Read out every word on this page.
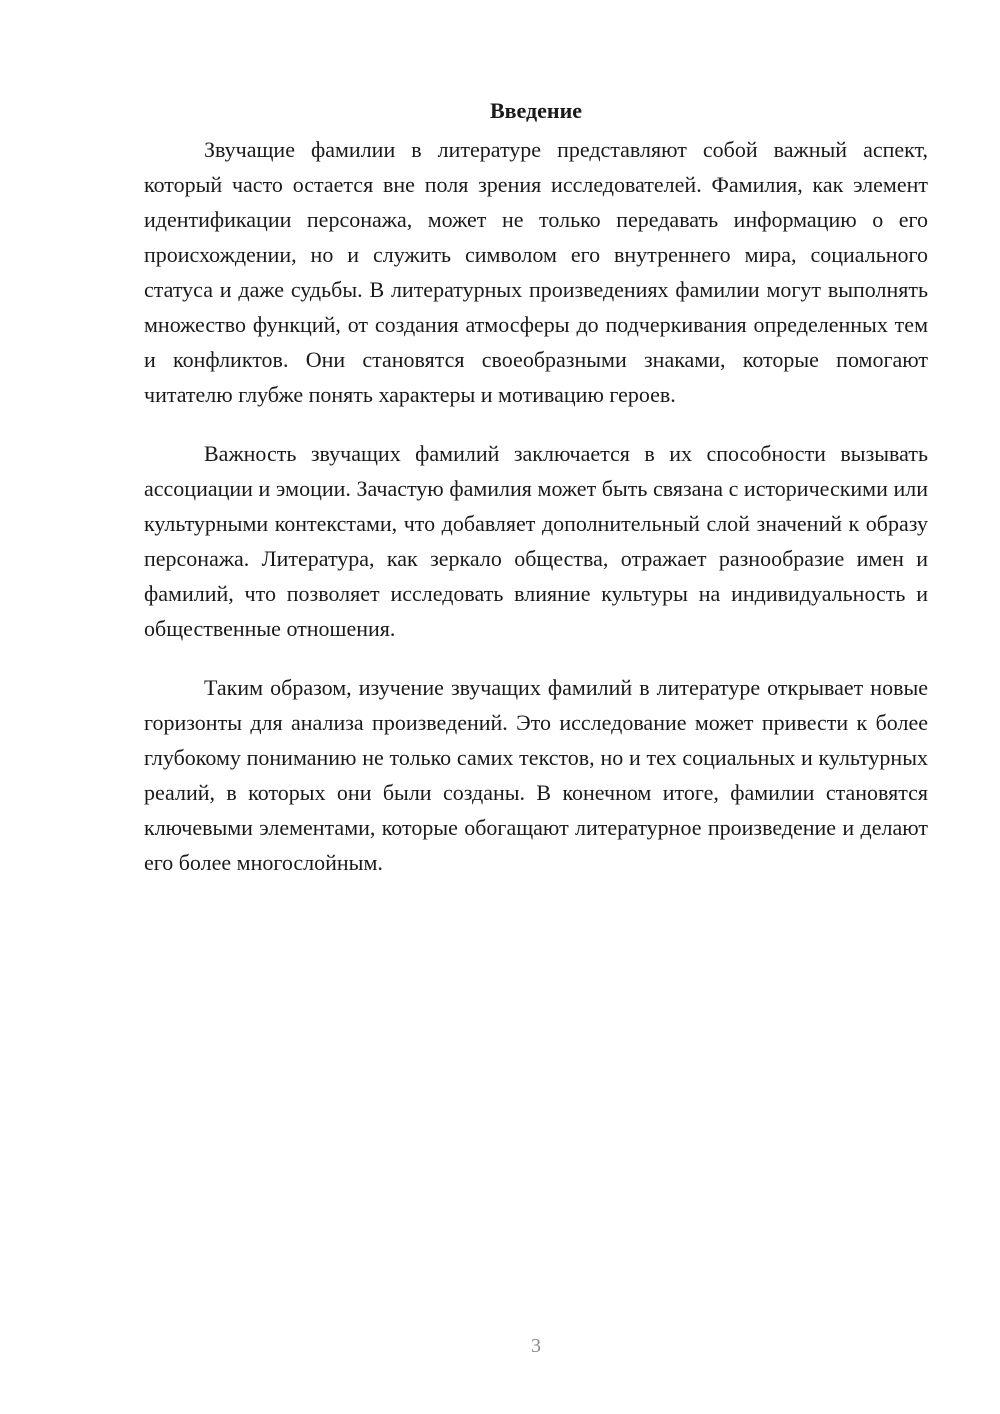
Введение

Звучащие фамилии в литературе представляют собой важный аспект, который часто остается вне поля зрения исследователей. Фамилия, как элемент идентификации персонажа, может не только передавать информацию о его происхождении, но и служить символом его внутреннего мира, социального статуса и даже судьбы. В литературных произведениях фамилии могут выполнять множество функций, от создания атмосферы до подчеркивания определенных тем и конфликтов. Они становятся своеобразными знаками, которые помогают читателю глубже понять характеры и мотивацию героев.

Важность звучащих фамилий заключается в их способности вызывать ассоциации и эмоции. Зачастую фамилия может быть связана с историческими или культурными контекстами, что добавляет дополнительный слой значений к образу персонажа. Литература, как зеркало общества, отражает разнообразие имен и фамилий, что позволяет исследовать влияние культуры на индивидуальность и общественные отношения.

Таким образом, изучение звучащих фамилий в литературе открывает новые горизонты для анализа произведений. Это исследование может привести к более глубокому пониманию не только самих текстов, но и тех социальных и культурных реалий, в которых они были созданы. В конечном итоге, фамилии становятся ключевыми элементами, которые обогащают литературное произведение и делают его более многослойным.

3
